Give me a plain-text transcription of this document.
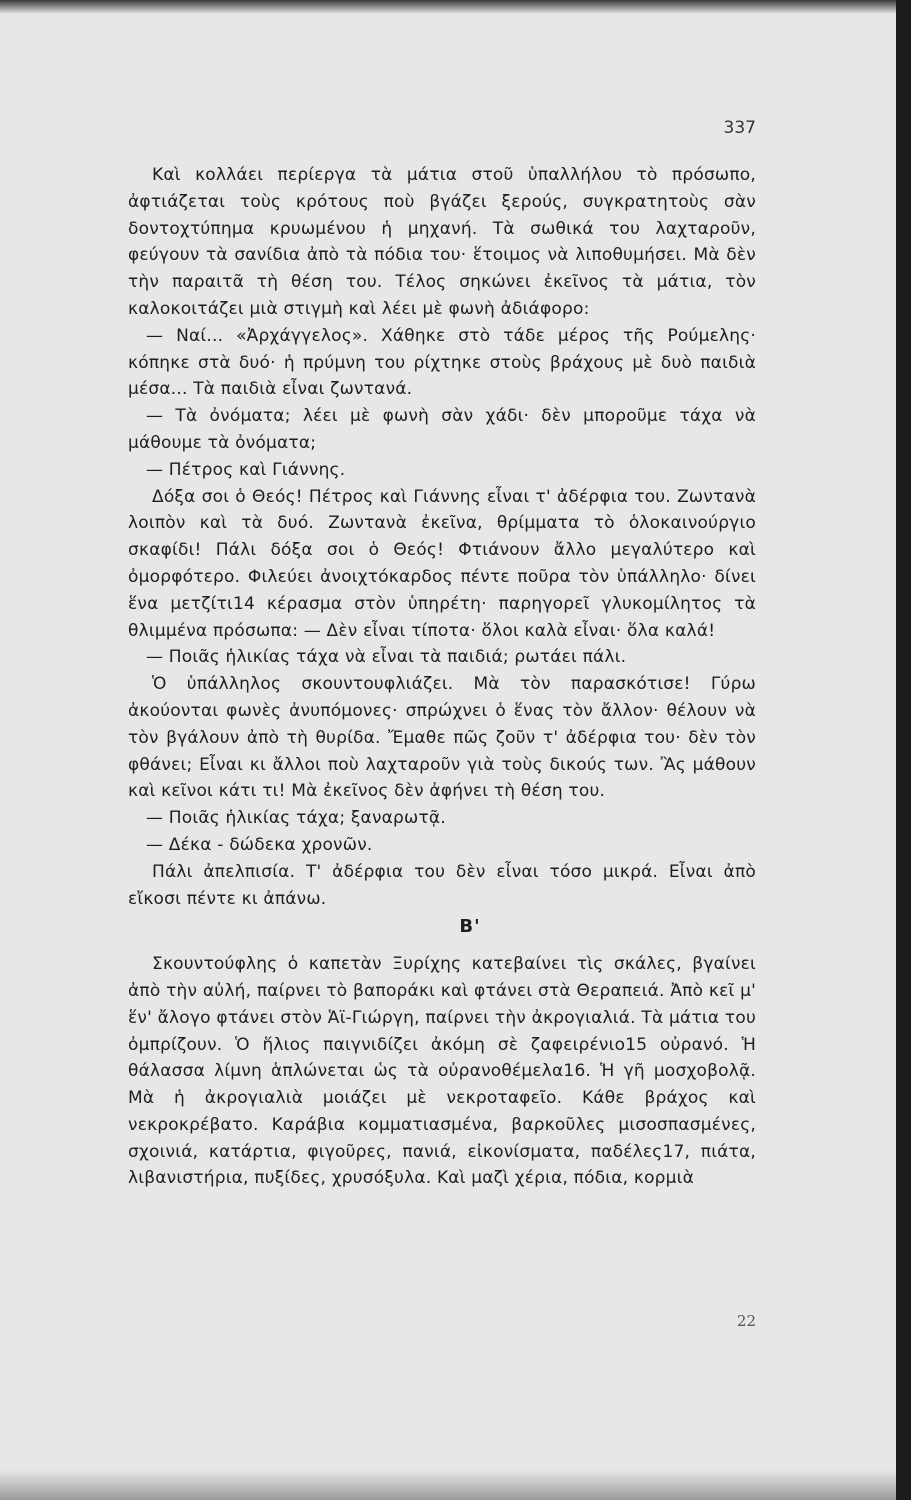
337

Καὶ κολλάει περίεργα τὰ μάτια στοῦ ὑπαλλήλου τὸ πρόσωπο, ἀφτιάζεται τοὺς κρότους ποὺ βγάζει ξερούς, συγκρατητοὺς σὰν δοντοχτύπημα κρυωμένου ἡ μηχανή. Τὰ σωθικά του λαχταροῦν, φεύγουν τὰ σανίδια ἀπὸ τὰ πόδια του· ἕτοιμος νὰ λιποθυμήσει. Μὰ δὲν τὴν παραιτᾶ τὴ θέση του. Τέλος σηκώνει ἐκεῖνος τὰ μάτια, τὸν καλοκοιτάζει μιὰ στιγμὴ καὶ λέει μὲ φωνὴ ἀδιάφορο:

— Ναί... «Ἀρχάγγελος». Χάθηκε στὸ τάδε μέρος τῆς Ρούμελης· κόπηκε στὰ δυό· ἡ πρύμνη του ρίχτηκε στοὺς βράχους μὲ δυὸ παιδιὰ μέσα... Τὰ παιδιὰ εἶναι ζωντανά.

— Τὰ ὀνόματα; λέει μὲ φωνὴ σὰν χάδι· δὲν μποροῦμε τάχα νὰ μάθουμε τὰ ὀνόματα;

— Πέτρος καὶ Γιάννης.

Δόξα σοι ὁ Θεός! Πέτρος καὶ Γιάννης εἶναι τ' ἀδέρφια του. Ζωντανὰ λοιπὸν καὶ τὰ δυό. Ζωντανὰ ἐκεῖνα, θρίμματα τὸ ὁλοκαινούργιο σκαφίδι! Πάλι δόξα σοι ὁ Θεός! Φτιάνουν ἄλλο μεγαλύτερο καὶ ὀμορφότερο. Φιλεύει ἀνοιχτόκαρδος πέντε ποῦρα τὸν ὑπάλληλο· δίνει ἕνα μετζίτι14 κέρασμα στὸν ὑπηρέτη· παρηγορεῖ γλυκομίλητος τὰ θλιμμένα πρόσωπα: — Δὲν εἶναι τίποτα· ὅλοι καλὰ εἶναι· ὅλα καλά!

— Ποιᾶς ἡλικίας τάχα νὰ εἶναι τὰ παιδιά; ρωτάει πάλι.

Ὁ ὑπάλληλος σκουντουφλιάζει. Μὰ τὸν παρασκότισε! Γύρω ἀκούονται φωνὲς ἀνυπόμονες· σπρώχνει ὁ ἕνας τὸν ἄλλον· θέλουν νὰ τὸν βγάλουν ἀπὸ τὴ θυρίδα. Ἔμαθε πῶς ζοῦν τ' ἀδέρφια του· δὲν τὸν φθάνει; Εἶναι κι ἄλλοι ποὺ λαχταροῦν γιὰ τοὺς δικούς των. Ἂς μάθουν καὶ κεῖνοι κάτι τι! Μὰ ἐκεῖνος δὲν ἀφήνει τὴ θέση του.

— Ποιᾶς ἡλικίας τάχα; ξαναρωτᾷ.

— Δέκα - δώδεκα χρονῶν.

Πάλι ἀπελπισία. Τ' ἀδέρφια του δὲν εἶναι τόσο μικρά. Εἶναι ἀπὸ εἴκοσι πέντε κι ἀπάνω.

Β'

Σκουντούφλης ὁ καπετὰν Ξυρίχης κατεβαίνει τὶς σκάλες, βγαίνει ἀπὸ τὴν αὐλή, παίρνει τὸ βαποράκι καὶ φτάνει στὰ Θεραπειά. Ἀπὸ κεῖ μ' ἕν' ἄλογο φτάνει στὸν Ἁϊ-Γιώργη, παίρνει τὴν ἀκρογιαλιά. Τὰ μάτια του ὀμπρίζουν. Ὁ ἥλιος παιγνιδίζει ἀκόμη σὲ ζαφειρένιο15 οὐρανό. Ἡ θάλασσα λίμνη ἁπλώνεται ὡς τὰ οὐρανοθέμελα16. Ἡ γῆ μοσχοβολᾷ. Μὰ ἡ ἀκρογιαλιὰ μοιάζει μὲ νεκροταφεῖο. Κάθε βράχος καὶ νεκροκρέβατο. Καράβια κομματιασμένα, βαρκοῦλες μισοσπασμένες, σχοινιά, κατάρτια, φιγοῦρες, πανιά, εἰκονίσματα, παδέλες17, πιάτα, λιβανιστήρια, πυξίδες, χρυσόξυλα. Καὶ μαζὶ χέρια, πόδια, κορμιὰ

22
